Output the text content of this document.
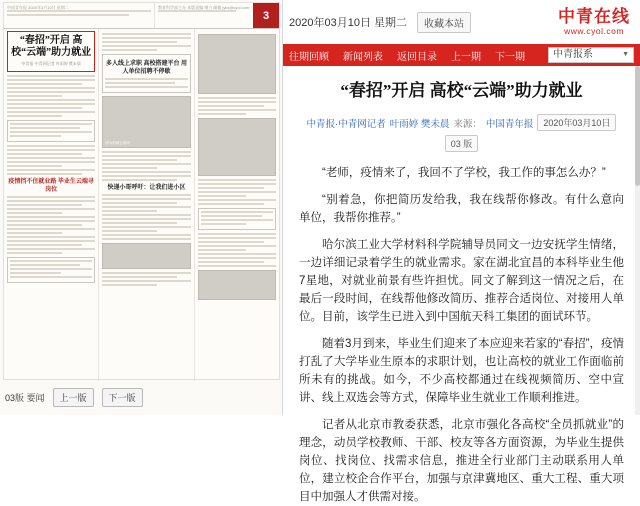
中国青年报 2020年3月10日 星期二	教育科学部主办 本版责编 堵力 邮箱 jykx@cyol.com
3
“春招”开启 高校“云端”助力就业
中青报·中青网记者 叶雨婷 樊未晨
疫情挡不住就业路 毕业生云端寻岗位
多人线上求职 高校搭建平台 用人单位招聘不停歇
图为招聘会现场
快递小哥呼吁：让我们进小区
03版 要闻	上一版	下一版
2020年03月10日 星期二	收藏本站	中青在线
www.cyol.com
往期回顾 新闻列表 返回目录 上一期 下一期	中青报系	▼
“春招”开启 高校“云端”助力就业
中青报·中青网记者 叶雨婷 樊未晨 来源： 中国青年报	2020年03月10日
03 版

“老师，疫情来了，我回不了学校，我工作的事怎么办？”

“别着急，你把简历发给我，我在线帮你修改。有什么意向单位，我帮你推荐。”

哈尔滨工业大学材料科学院辅导员同文一边安抚学生情绪，一边详细记录着学生的就业需求。家在湖北宜昌的本科毕业生他7星地，对就业前景有些许担忧。同文了解到这一情况之后，在最后一段时间，在线帮他修改简历、推荐合适岗位、对接用人单位。目前，该学生已进入到中国航天科工集团的面试环节。

随着3月到来，毕业生们迎来了本应迎来若家的“春招”，疫情打乱了大学毕业生原本的求职计划，也让高校的就业工作面临前所未有的挑战。如今，不少高校都通过在线视频简历、空中宣讲、线上双选会等方式，保障毕业生就业工作顺利推进。

记者从北京市教委获悉，北京市强化各高校“全员抓就业”的理念，动员学校教师、干部、校友等各方面资源，为毕业生提供岗位、找岗位、找需求信息，推进全行业部门主动联系用人单位，建立校企合作平台，加强与京津冀地区、重大工程、重大项目中加强人才供需对接。
